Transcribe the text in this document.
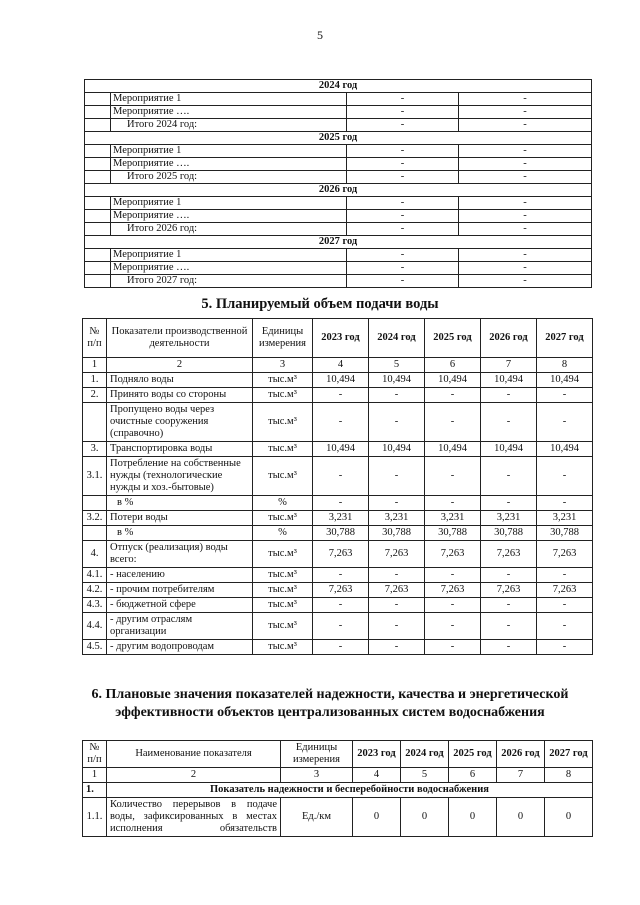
5
2024 год			
	Мероприятие 1	-	-
	Мероприятие ….	-	-
	Итого 2024 год:	-	-
2025 год			
	Мероприятие 1	-	-
	Мероприятие ….	-	-
	Итого 2025 год:	-	-
2026 год			
	Мероприятие 1	-	-
	Мероприятие ….	-	-
	Итого 2026 год:	-	-
2027 год			
	Мероприятие 1	-	-
	Мероприятие ….	-	-
	Итого 2027 год:	-	-
5. Планируемый объем подачи воды
№ п/п	Показатели производственной деятельности	Единицы измерения	2023 год	2024 год	2025 год	2026 год	2027 год
1	2	3	4	5	6	7	8
1.	Подняло воды	тыс.м³	10,494	10,494	10,494	10,494	10,494
2.	Принято воды со стороны	тыс.м³	-	-	-	-	-
	Пропущено воды через очистные сооружения (справочно)	тыс.м³	-	-	-	-	-
3.	Транспортировка воды	тыс.м³	10,494	10,494	10,494	10,494	10,494
3.1.	Потребление на собственные нужды (технологические нужды и хоз.-бытовые)	тыс.м³	-	-	-	-	-
	в %	%	-	-	-	-	-
3.2.	Потери воды	тыс.м³	3,231	3,231	3,231	3,231	3,231
	в %	%	30,788	30,788	30,788	30,788	30,788
4.	Отпуск (реализация) воды всего:	тыс.м³	7,263	7,263	7,263	7,263	7,263
4.1.	- населению	тыс.м³	-	-	-	-	-
4.2.	- прочим потребителям	тыс.м³	7,263	7,263	7,263	7,263	7,263
4.3.	- бюджетной сфере	тыс.м³	-	-	-	-	-
4.4.	- другим отраслям организации	тыс.м³	-	-	-	-	-
4.5.	- другим водопроводам	тыс.м³	-	-	-	-	-
6. Плановые значения показателей надежности, качества и энергетической эффективности объектов централизованных систем водоснабжения
№ п/п	Наименование показателя	Единицы измерения	2023 год	2024 год	2025 год	2026 год	2027 год
1	2	3	4	5	6	7	8
1.	Показатель надежности и бесперебойности водоснабжения						
1.1.	Количество перерывов в подаче воды, зафиксированных в местах исполнения обязательств	Ед./км	0	0	0	0	0
